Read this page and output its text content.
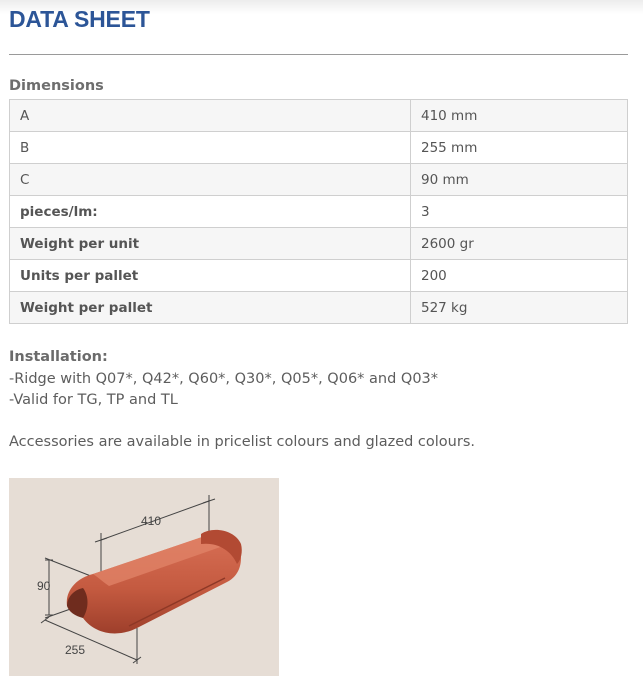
DATA SHEET
Dimensions
A	410 mm
B	255 mm
C	90 mm
pieces/lm:	3
Weight per unit	2600 gr
Units per pallet	200
Weight per pallet	527 kg
Installation:
-Ridge with Q07*, Q42*, Q60*, Q30*, Q05*, Q06* and Q03*
-Valid for TG, TP and TL

Accessories are available in pricelist colours and glazed colours.

410
90
255
